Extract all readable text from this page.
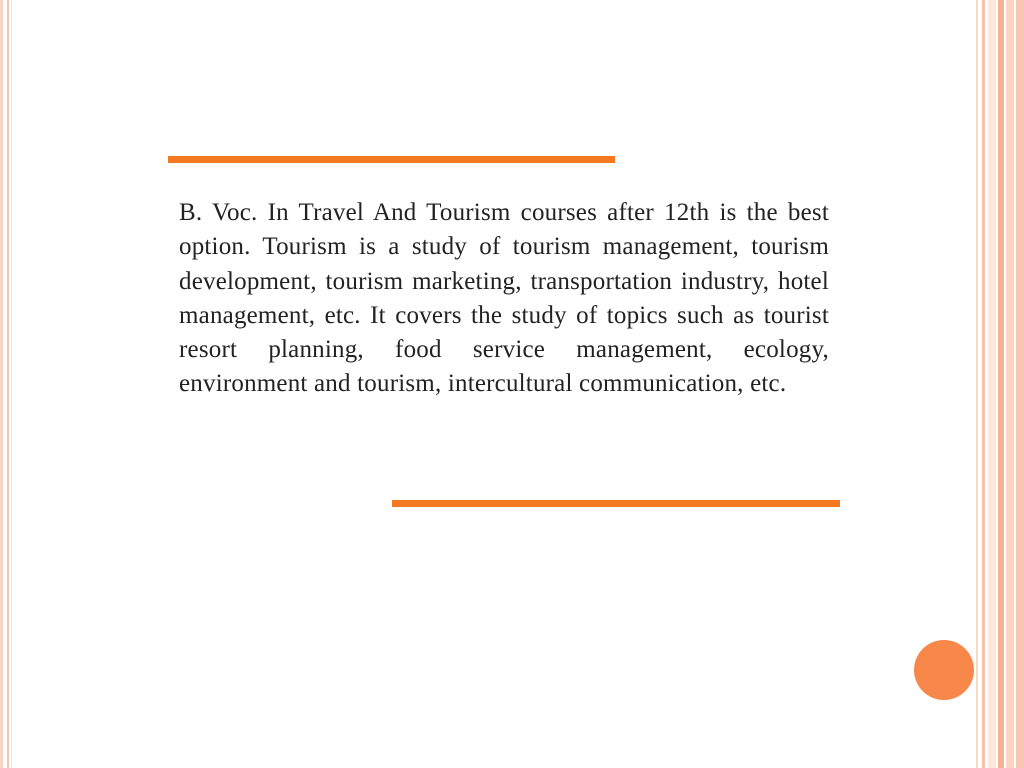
B. Voc. In Travel And Tourism courses after 12th is the best option. Tourism is a study of tourism management, tourism development, tourism marketing, transportation industry, hotel management, etc. It covers the study of topics such as tourist resort planning, food service management, ecology, environment and tourism, intercultural communication, etc.
